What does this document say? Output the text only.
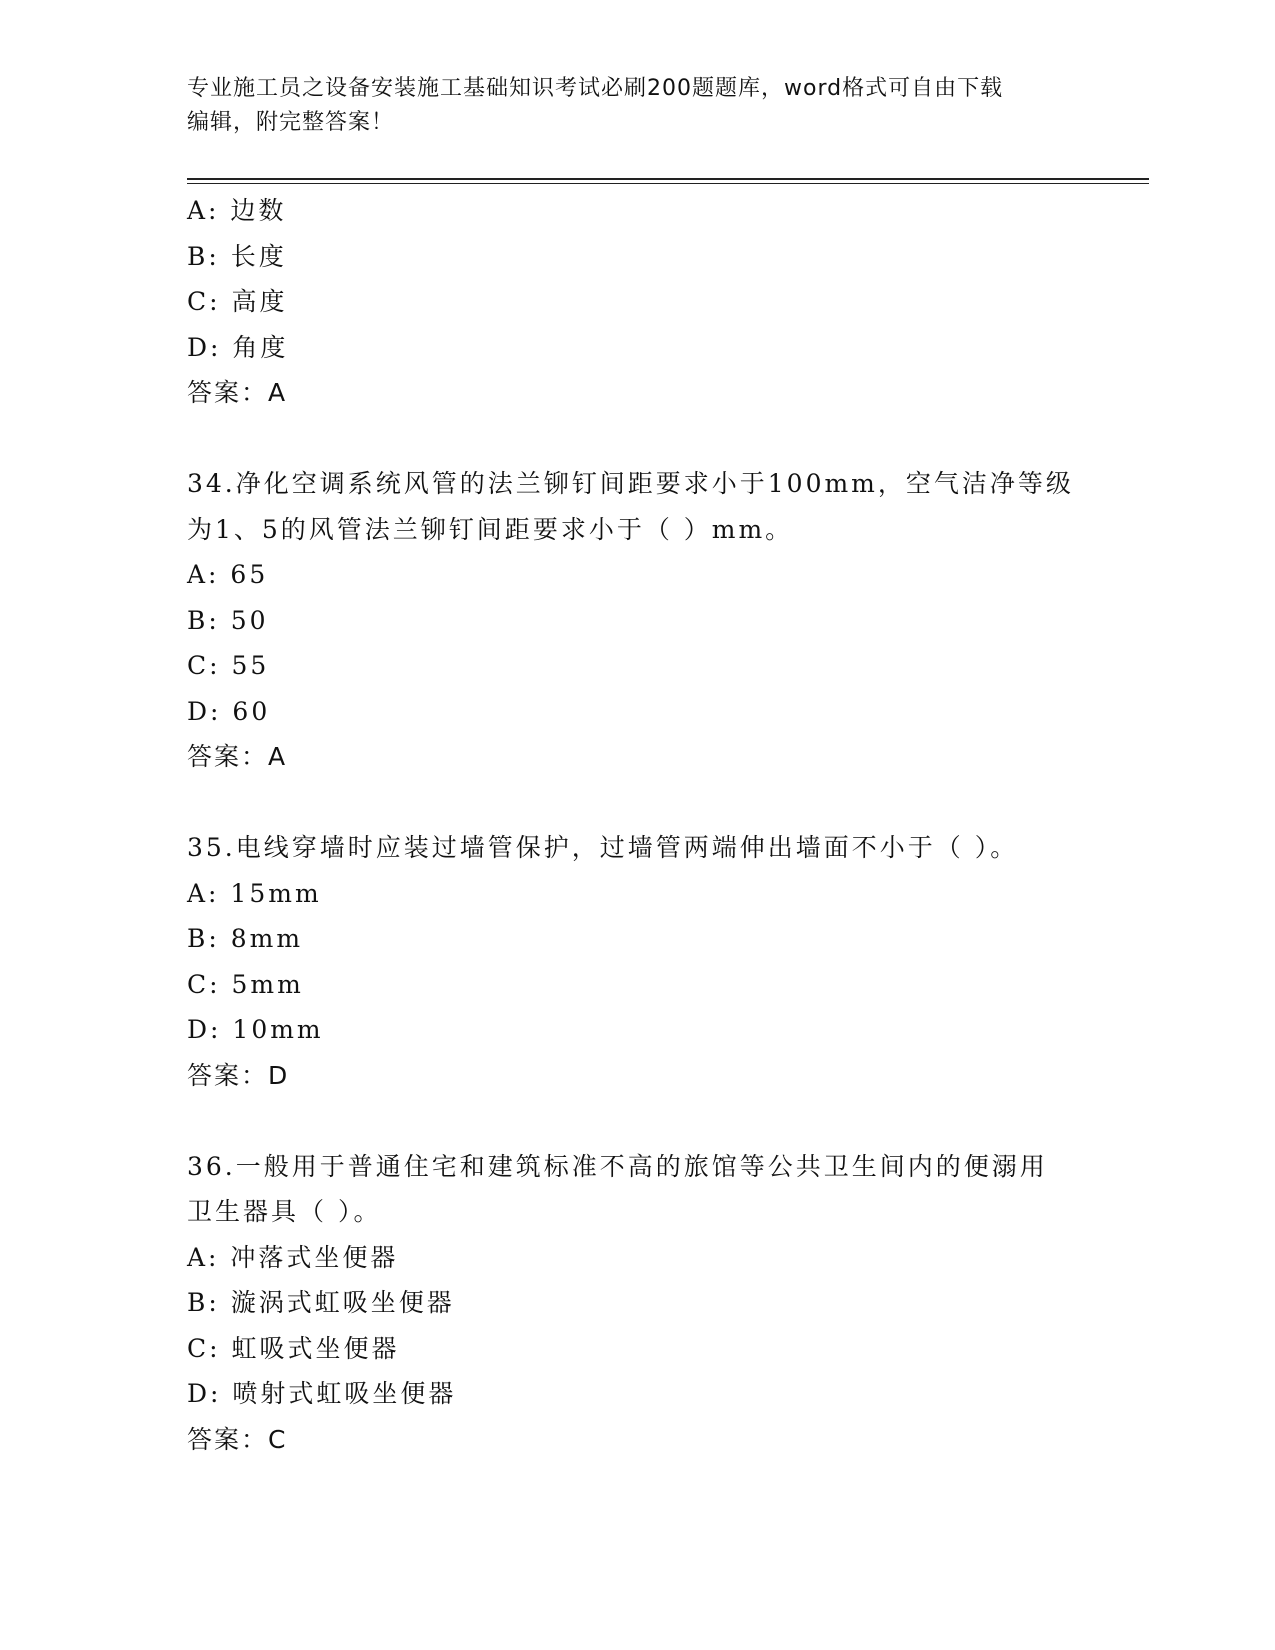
专业施工员之设备安装施工基础知识考试必刷200题题库，word格式可自由下载
编辑，附完整答案！
A: 边数
B: 长度
C: 高度
D: 角度
答案：A
34.净化空调系统风管的法兰铆钉间距要求小于100mm，空气洁净等级
为1、5的风管法兰铆钉间距要求小于（ ）mm。
A: 65
B: 50
C: 55
D: 60
答案：A
35.电线穿墙时应装过墙管保护，过墙管两端伸出墙面不小于（ ）。
A: 15mm
B: 8mm
C: 5mm
D: 10mm
答案：D
36.一般用于普通住宅和建筑标准不高的旅馆等公共卫生间内的便溺用
卫生器具（ ）。
A: 冲落式坐便器
B: 漩涡式虹吸坐便器
C: 虹吸式坐便器
D: 喷射式虹吸坐便器
答案：C
